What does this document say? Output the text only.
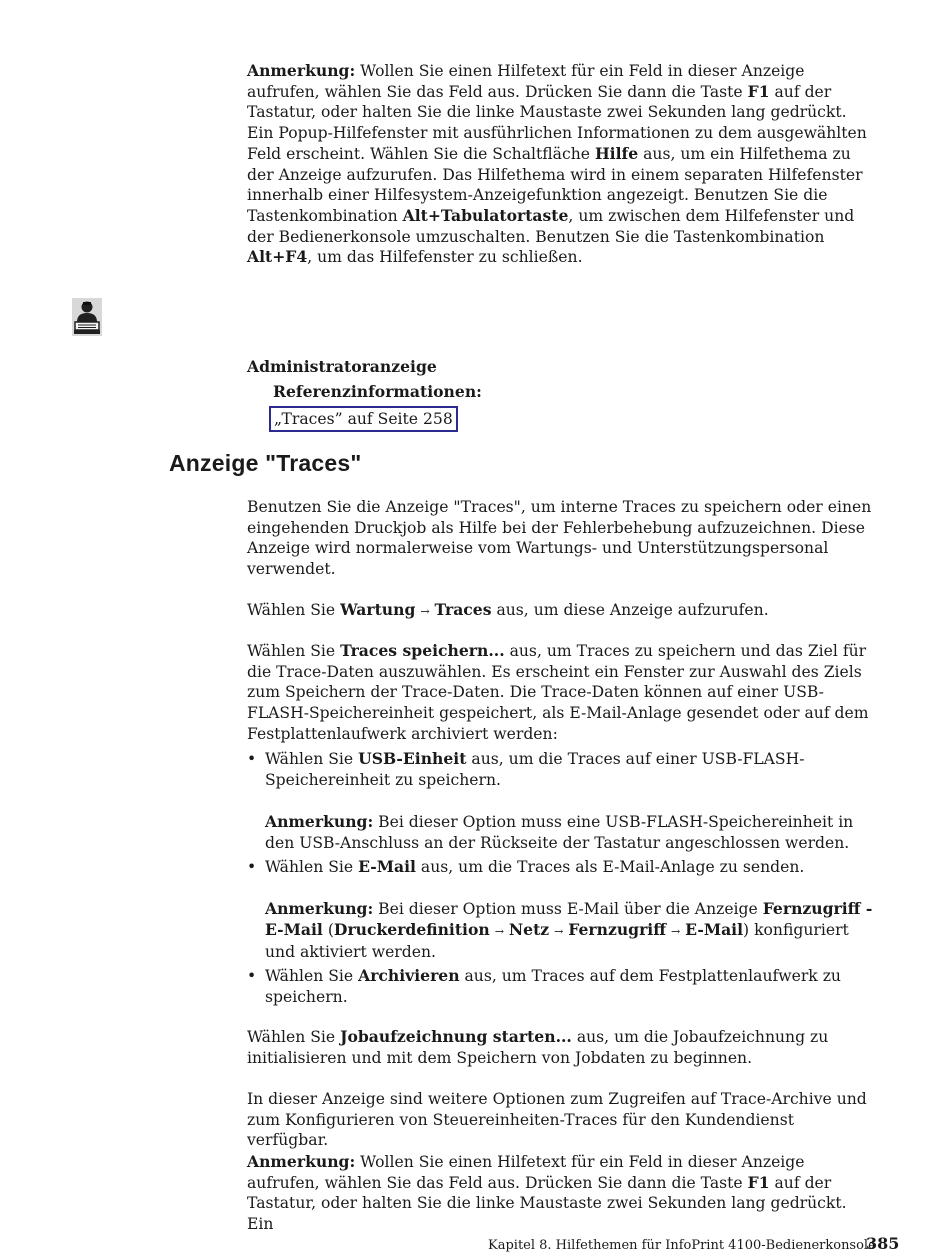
Anmerkung: Wollen Sie einen Hilfetext für ein Feld in dieser Anzeige aufrufen, wählen Sie das Feld aus. Drücken Sie dann die Taste F1 auf der Tastatur, oder halten Sie die linke Maustaste zwei Sekunden lang gedrückt. Ein Popup-Hilfefenster mit ausführlichen Informationen zu dem ausgewählten Feld erscheint. Wählen Sie die Schaltfläche Hilfe aus, um ein Hilfethema zu der Anzeige aufzurufen. Das Hilfethema wird in einem separaten Hilfefenster innerhalb einer Hilfesystem-Anzeigefunktion angezeigt. Benutzen Sie die Tastenkombination Alt+Tabulatortaste, um zwischen dem Hilfefenster und der Bedienerkonsole umzuschalten. Benutzen Sie die Tastenkombination Alt+F4, um das Hilfefenster zu schließen.
Administratoranzeige
Referenzinformationen:
„Traces” auf Seite 258
Anzeige "Traces"
Benutzen Sie die Anzeige "Traces", um interne Traces zu speichern oder einen eingehenden Druckjob als Hilfe bei der Fehlerbehebung aufzuzeichnen. Diese Anzeige wird normalerweise vom Wartungs- und Unterstützungspersonal verwendet.
Wählen Sie Wartung → Traces aus, um diese Anzeige aufzurufen.
Wählen Sie Traces speichern... aus, um Traces zu speichern und das Ziel für die Trace-Daten auszuwählen. Es erscheint ein Fenster zur Auswahl des Ziels zum Speichern der Trace-Daten. Die Trace-Daten können auf einer USB-FLASH-Speichereinheit gespeichert, als E-Mail-Anlage gesendet oder auf dem Festplattenlaufwerk archiviert werden:
• Wählen Sie USB-Einheit aus, um die Traces auf einer USB-FLASH-Speichereinheit zu speichern.
Anmerkung: Bei dieser Option muss eine USB-FLASH-Speichereinheit in den USB-Anschluss an der Rückseite der Tastatur angeschlossen werden.
• Wählen Sie E-Mail aus, um die Traces als E-Mail-Anlage zu senden.
Anmerkung: Bei dieser Option muss E-Mail über die Anzeige Fernzugriff - E-Mail (Druckerdefinition → Netz → Fernzugriff → E-Mail) konfiguriert und aktiviert werden.
• Wählen Sie Archivieren aus, um Traces auf dem Festplattenlaufwerk zu speichern.
Wählen Sie Jobaufzeichnung starten... aus, um die Jobaufzeichnung zu initialisieren und mit dem Speichern von Jobdaten zu beginnen.
In dieser Anzeige sind weitere Optionen zum Zugreifen auf Trace-Archive und zum Konfigurieren von Steuereinheiten-Traces für den Kundendienst verfügbar.
Anmerkung: Wollen Sie einen Hilfetext für ein Feld in dieser Anzeige aufrufen, wählen Sie das Feld aus. Drücken Sie dann die Taste F1 auf der Tastatur, oder halten Sie die linke Maustaste zwei Sekunden lang gedrückt. Ein
Kapitel 8. Hilfethemen für InfoPrint 4100-Bedienerkonsole
385
